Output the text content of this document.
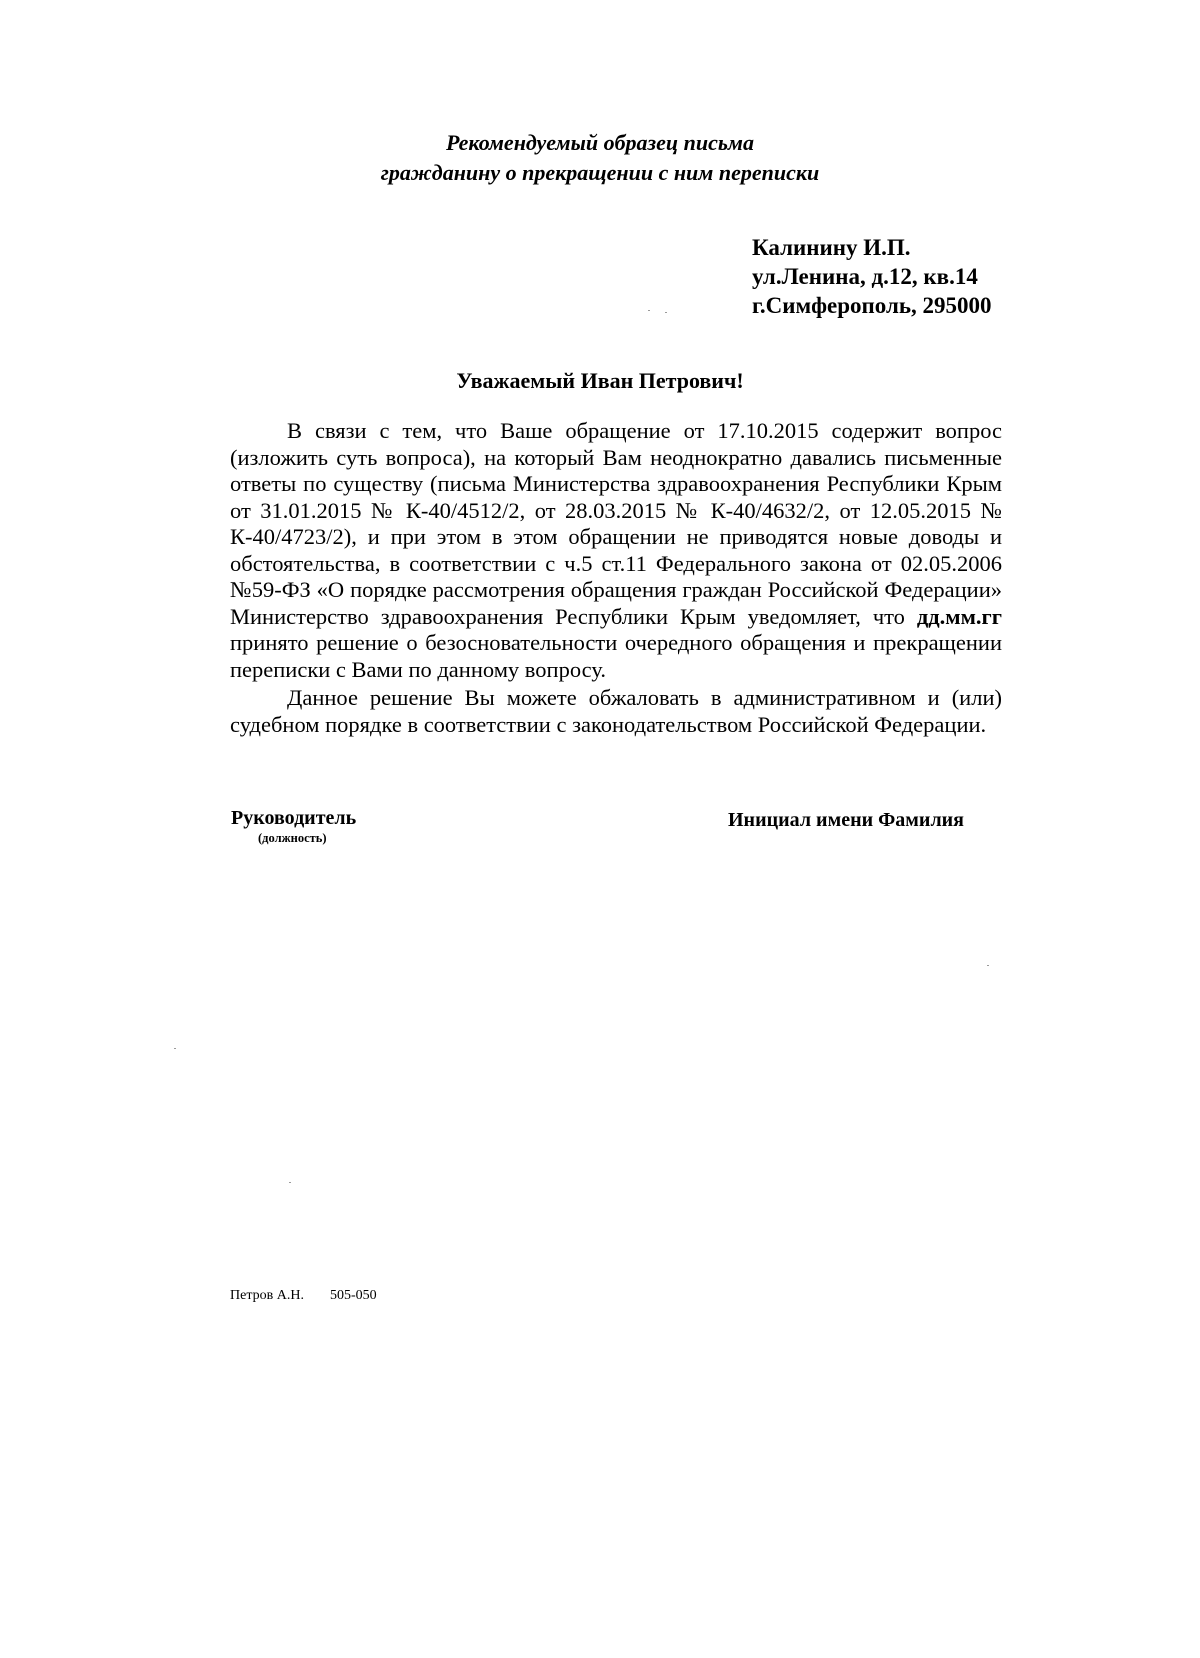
Рекомендуемый образец письма
гражданину о прекращении с ним переписки
Калинину И.П.
ул.Ленина, д.12, кв.14
г.Симферополь, 295000
Уважаемый Иван Петрович!

В связи с тем, что Ваше обращение от 17.10.2015 содержит вопрос (изложить суть вопроса), на который Вам неоднократно давались письменные ответы по существу (письма Министерства здравоохранения Республики Крым от 31.01.2015 № К-40/4512/2, от 28.03.2015 № К-40/4632/2, от 12.05.2015 № К-40/4723/2), и при этом в этом обращении не приводятся новые доводы и обстоятельства, в соответствии с ч.5 ст.11 Федерального закона от 02.05.2006 №59-ФЗ «О порядке рассмотрения обращения граждан Российской Федерации» Министерство здравоохранения Республики Крым уведомляет, что дд.мм.гг принято решение о безосновательности очередного обращения и прекращении переписки с Вами по данному вопросу.

Данное решение Вы можете обжаловать в административном и (или) судебном порядке в соответствии с законодательством Российской Федерации.

Руководитель
(должность)
Инициал имени Фамилия
Петров А.Н. 505-050
